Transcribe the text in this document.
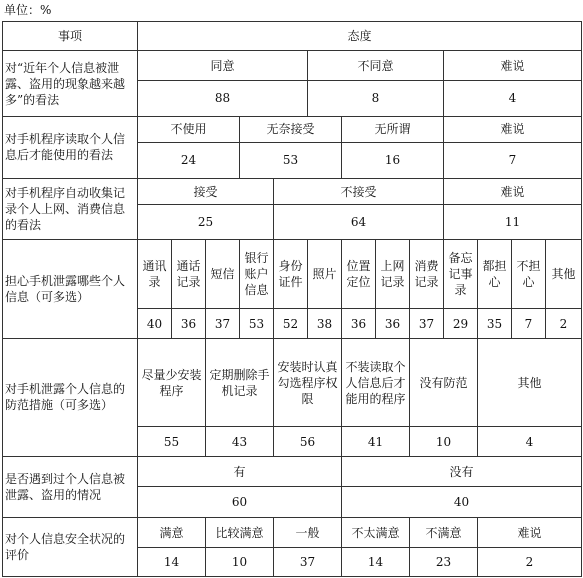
单位：%
事项	态度												
对“近年个人信息被泄露、盗用的现象越来越多”的看法	同意					不同意				难说			
	88					8				4			
对手机程序读取个人信息后才能使用的看法	不使用			无奈接受			无所谓			难说			
	24			53			16			7			
对手机程序自动收集记录个人上网、消费信息的看法	接受				不接受					难说			
	25				64					11			
担心手机泄露哪些个人信息（可多选）	通讯录	通话记录	短信	银行账户信息	身份证件	照片	位置定位	上网记录	消费记录	备忘记事录	都担心	不担心	其他
	40	36	37	53	52	38	36	36	37	29	35	7	2
对手机泄露个人信息的防范措施（可多选）	尽量少安装程序		定期删除手机记录		安装时认真勾选程序权限		不装读取个人信息后才能用的程序		没有防范		其他		
	55		43		56		41		10		4		
是否遇到过个人信息被泄露、盗用的情况	有						没有						
	60						40						
对个人信息安全状况的评价	满意		比较满意		一般		不太满意		不满意		难说		
	14		10		37		14		23		2		
